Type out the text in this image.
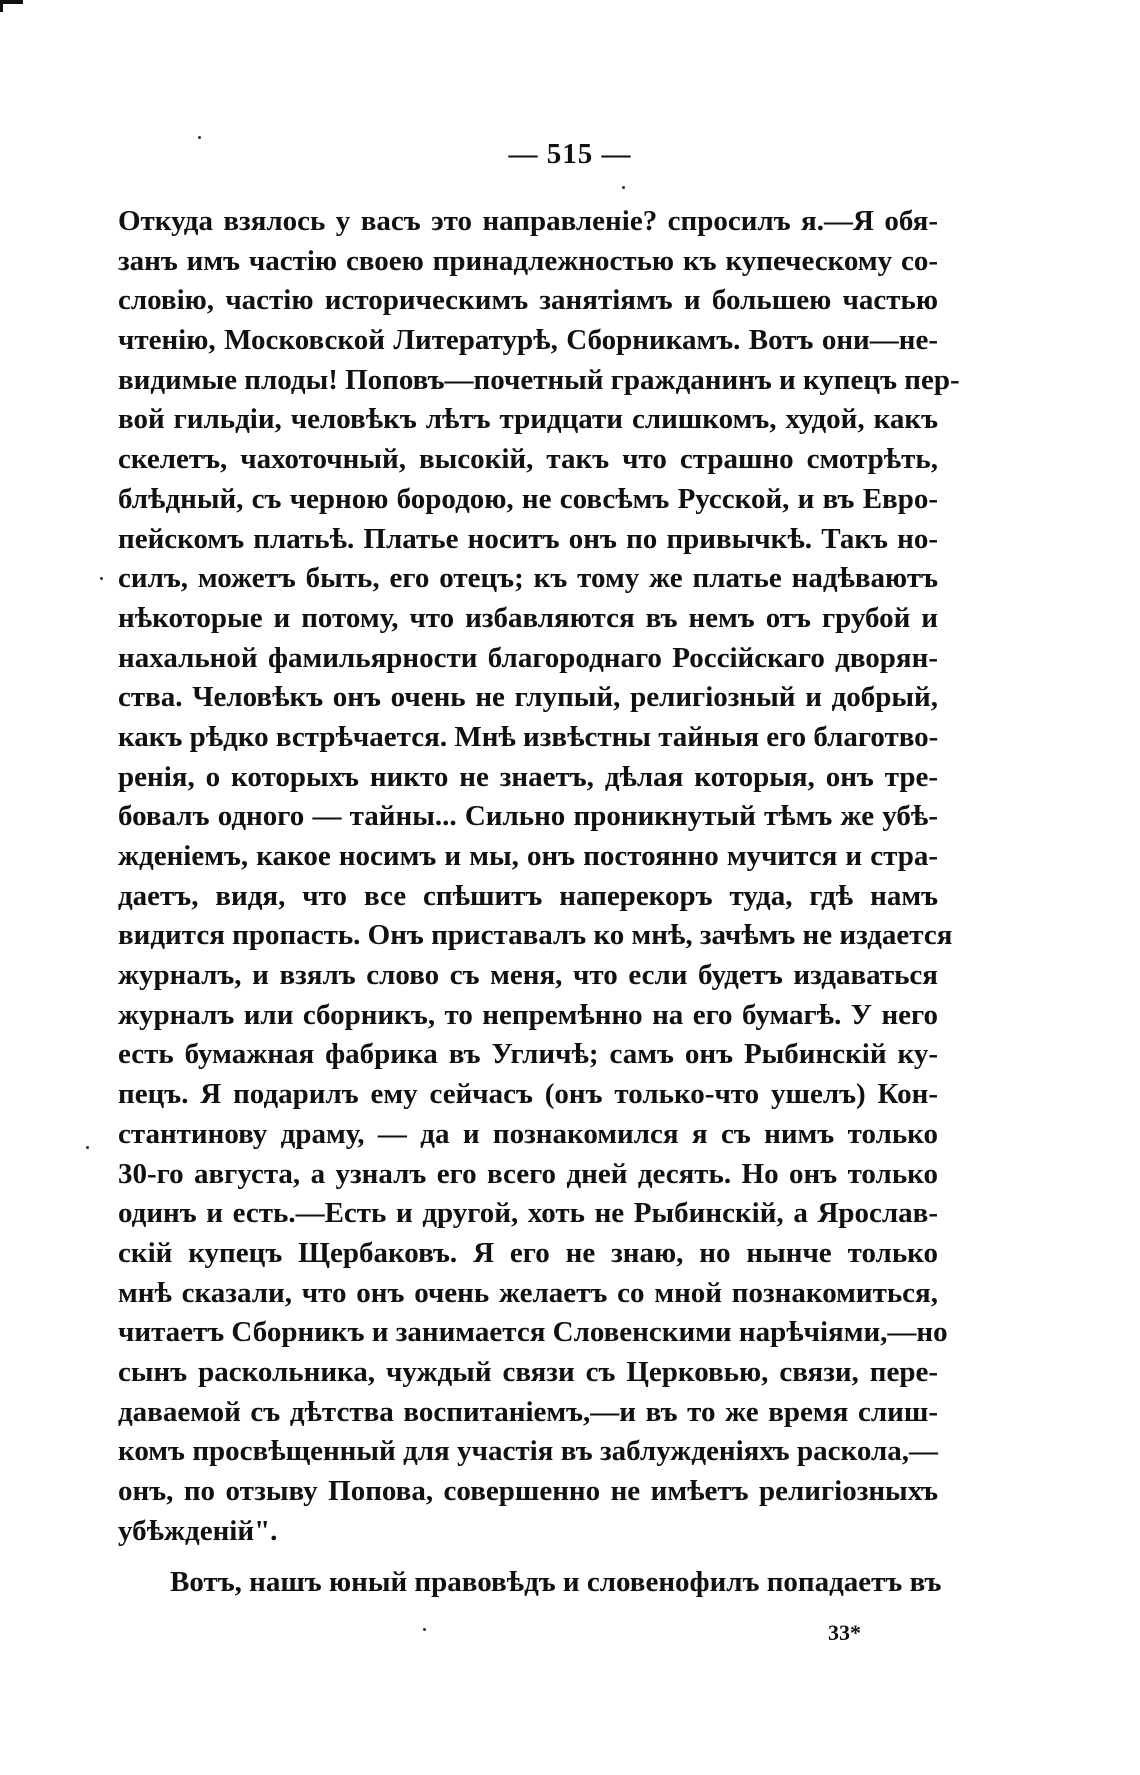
— 515 —
Откуда взялось у васъ это направленіе? спросилъ я.—Я обя-
занъ имъ частію своею принадлежностью къ купеческому со-
словію, частію историческимъ занятіямъ и большею частью
чтенію, Московской Литературѣ, Сборникамъ. Вотъ они—не-
видимые плоды! Поповъ—почетный гражданинъ и купецъ пер-
вой гильдіи, человѣкъ лѣтъ тридцати слишкомъ, худой, какъ
скелетъ, чахоточный, высокій, такъ что страшно смотрѣть,
блѣдный, съ черною бородою, не совсѣмъ Русской, и въ Евро-
пейскомъ платьѣ. Платье носитъ онъ по привычкѣ. Такъ но-
силъ, можетъ быть, его отецъ; къ тому же платье надѣваютъ
нѣкоторые и потому, что избавляются въ немъ отъ грубой и
нахальной фамильярности благороднаго Россійскаго дворян-
ства. Человѣкъ онъ очень не глупый, религіозный и добрый,
какъ рѣдко встрѣчается. Мнѣ извѣстны тайныя его благотво-
ренія, о которыхъ никто не знаетъ, дѣлая которыя, онъ тре-
бовалъ одного — тайны... Сильно проникнутый тѣмъ же убѣ-
жденіемъ, какое носимъ и мы, онъ постоянно мучится и стра-
даетъ, видя, что все спѣшитъ наперекоръ туда, гдѣ намъ
видится пропасть. Онъ приставалъ ко мнѣ, зачѣмъ не издается
журналъ, и взялъ слово съ меня, что если будетъ издаваться
журналъ или сборникъ, то непремѣнно на его бумагѣ. У него
есть бумажная фабрика въ Угличѣ; самъ онъ Рыбинскій ку-
пецъ. Я подарилъ ему сейчасъ (онъ только-что ушелъ) Кон-
стантинову драму, — да и познакомился я съ нимъ только
30-го августа, а узналъ его всего дней десять. Но онъ только
одинъ и есть.—Есть и другой, хоть не Рыбинскій, а Ярослав-
скій купецъ Щербаковъ. Я его не знаю, но нынче только
мнѣ сказали, что онъ очень желаетъ со мной познакомиться,
читаетъ Сборникъ и занимается Словенскими нарѣчіями,—но
сынъ раскольника, чуждый связи съ Церковью, связи, пере-
даваемой съ дѣтства воспитаніемъ,—и въ то же время слиш-
комъ просвѣщенный для участія въ заблужденіяхъ раскола,—
онъ, по отзыву Попова, совершенно не имѣетъ религіозныхъ
убѣжденій".
Вотъ, нашъ юный правовѣдъ и словенофилъ попадаетъ въ
33*
